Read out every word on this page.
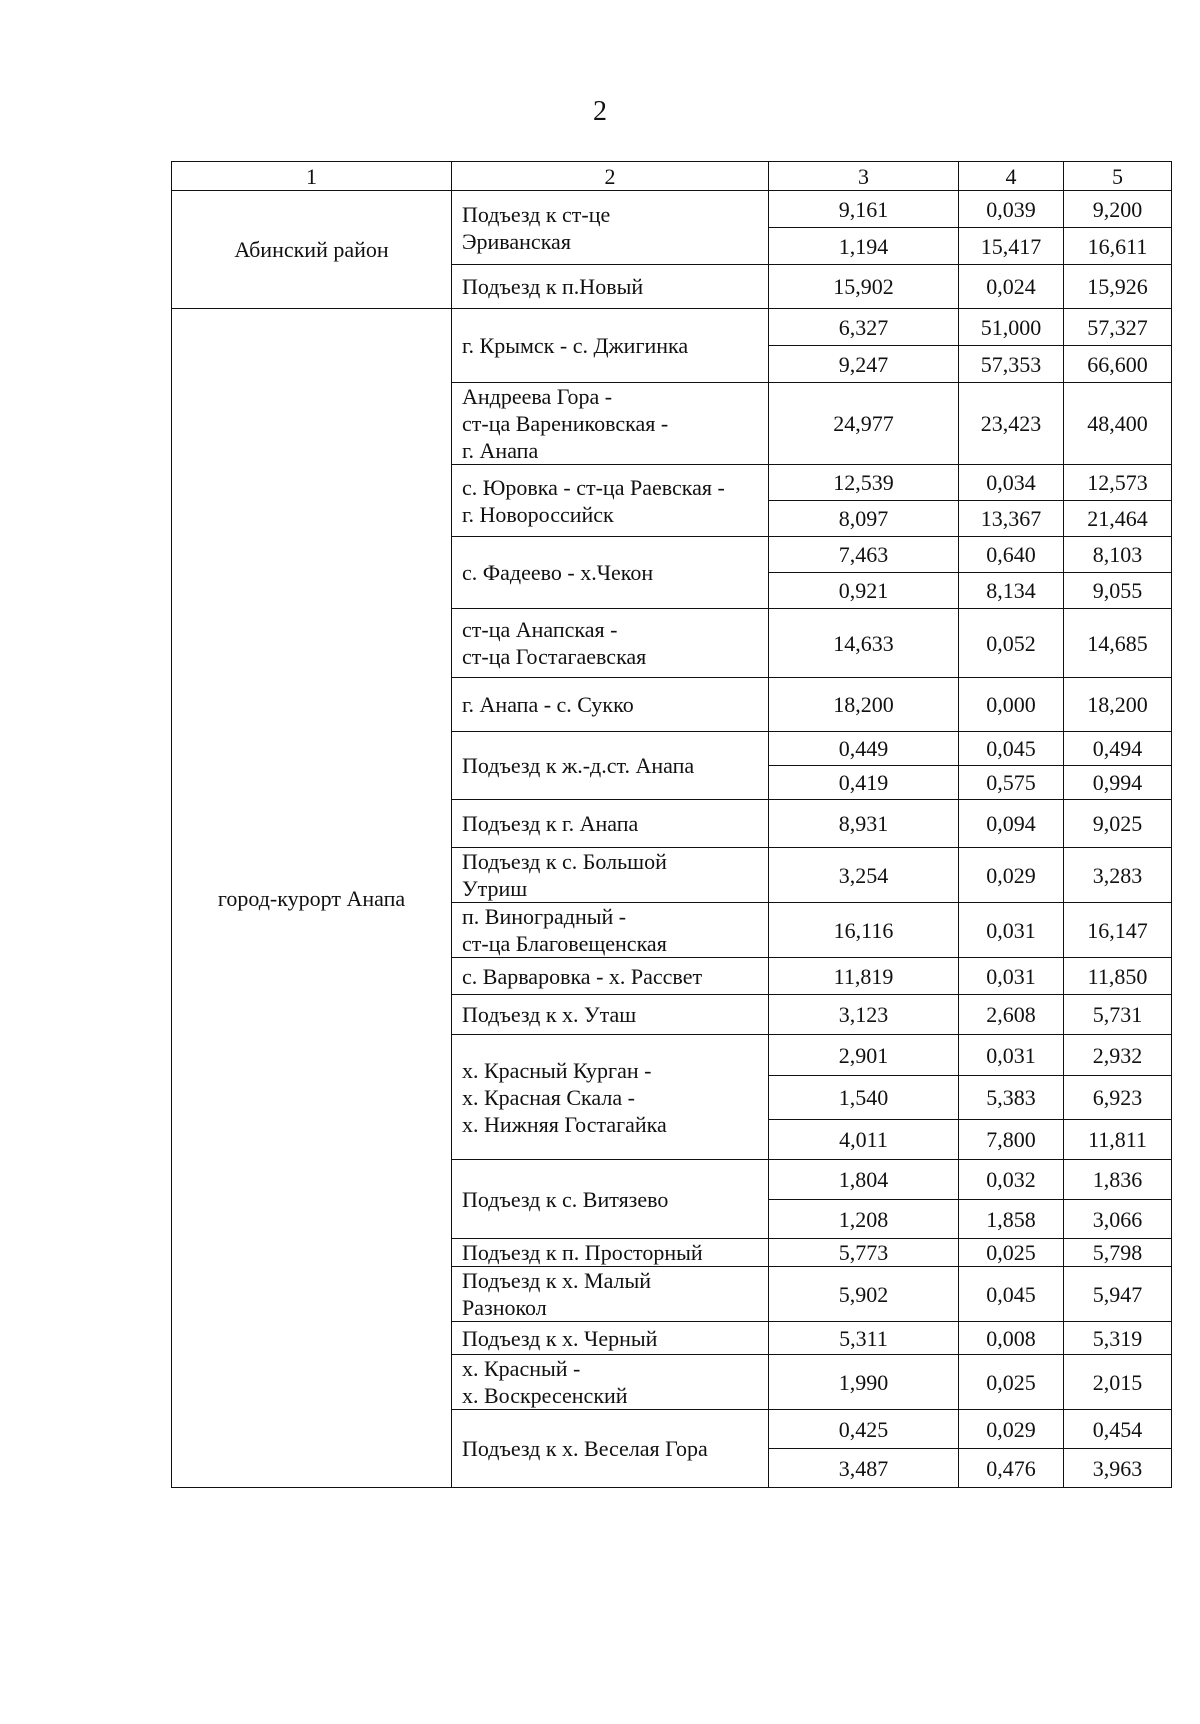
2
1	2	3	4	5
Абинский район	Подъезд к ст-це
Эриванская	9,161	0,039	9,200
		1,194	15,417	16,611
	Подъезд к п.Новый	15,902	0,024	15,926
город-курорт Анапа	г. Крымск - с. Джигинка	6,327	51,000	57,327
		9,247	57,353	66,600
	Андреева Гора -
ст-ца Варениковская -
г. Анапа	24,977	23,423	48,400
	с. Юровка - ст-ца Раевская -
г. Новороссийск	12,539	0,034	12,573
		8,097	13,367	21,464
	с. Фадеево - х.Чекон	7,463	0,640	8,103
		0,921	8,134	9,055
	ст-ца Анапская -
ст-ца Гостагаевская	14,633	0,052	14,685
	г. Анапа - с. Сукко	18,200	0,000	18,200
	Подъезд к ж.-д.ст. Анапа	0,449	0,045	0,494
		0,419	0,575	0,994
	Подъезд к г. Анапа	8,931	0,094	9,025
	Подъезд к с. Большой
Утриш	3,254	0,029	3,283
	п. Виноградный -
ст-ца Благовещенская	16,116	0,031	16,147
	с. Варваровка - х. Рассвет	11,819	0,031	11,850
	Подъезд к х. Уташ	3,123	2,608	5,731
	х. Красный Курган -
х. Красная Скала -
х. Нижняя Гостагайка	2,901	0,031	2,932
		1,540	5,383	6,923
		4,011	7,800	11,811
	Подъезд к с. Витязево	1,804	0,032	1,836
		1,208	1,858	3,066
	Подъезд к п. Просторный	5,773	0,025	5,798
	Подъезд к х. Малый
Разнокол	5,902	0,045	5,947
	Подъезд к х. Черный	5,311	0,008	5,319
	х. Красный -
х. Воскресенский	1,990	0,025	2,015
	Подъезд к х. Веселая Гора	0,425	0,029	0,454
		3,487	0,476	3,963
